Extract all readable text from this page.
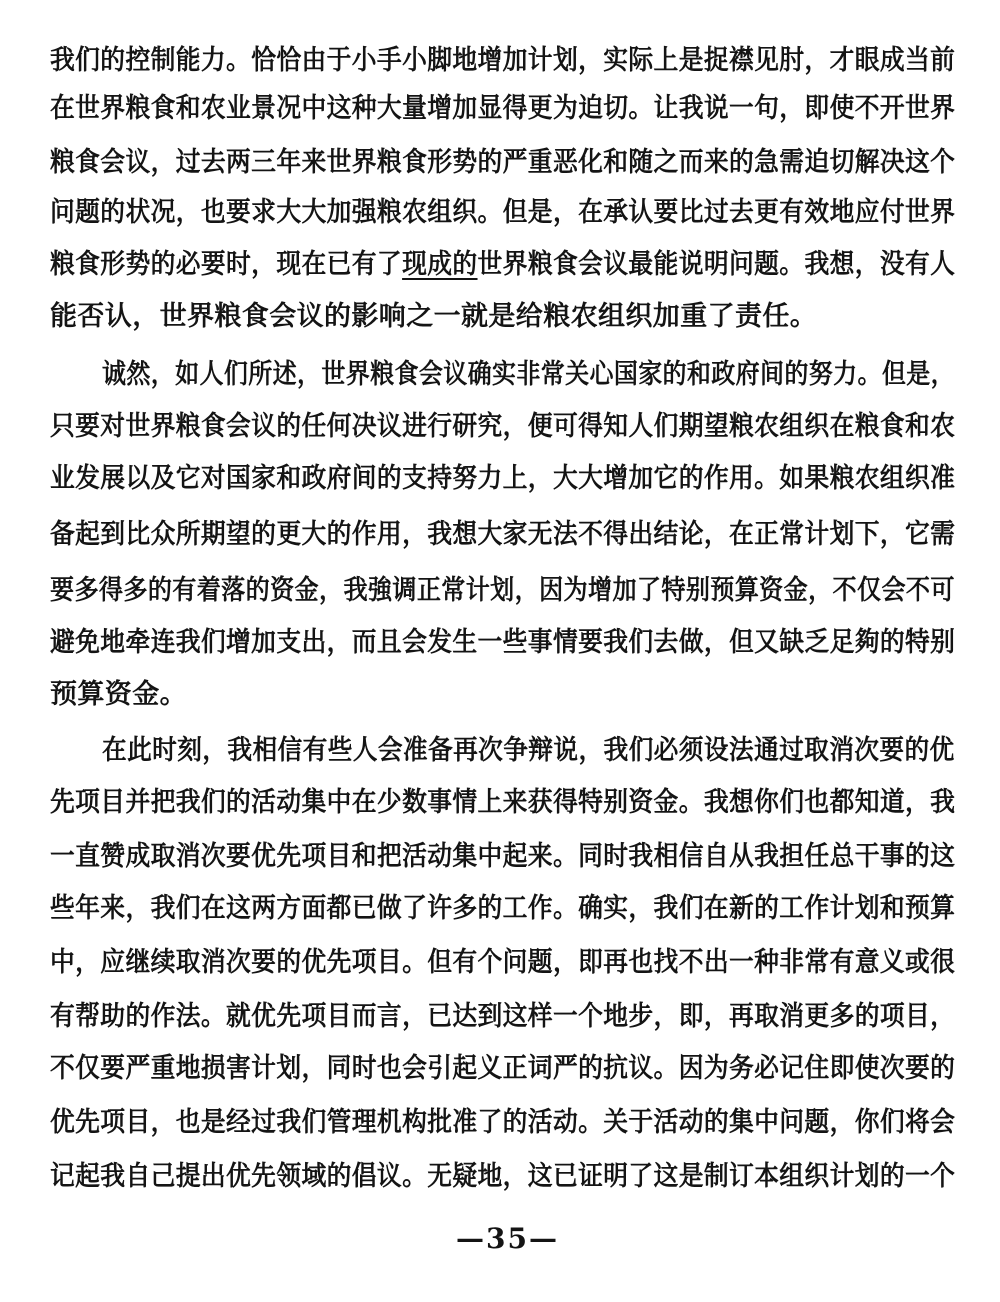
我们的控制能力。恰恰由于小手小脚地增加计划，实际上是捉襟见肘，才眼成当前
在世界粮食和农业景况中这种大量增加显得更为迫切。让我说一句，即使不开世界
粮食会议，过去两三年来世界粮食形势的严重恶化和随之而来的急需迫切解决这个
问题的状况，也要求大大加强粮农组织。但是，在承认要比过去更有效地应付世界
粮食形势的必要时，现在已有了现成的世界粮食会议最能说明问题。我想，没有人
能否认，世界粮食会议的影响之一就是给粮农组织加重了责任。
诚然，如人们所述，世界粮食会议确实非常关心国家的和政府间的努力。但是，
只要对世界粮食会议的任何决议进行研究，便可得知人们期望粮农组织在粮食和农
业发展以及它对国家和政府间的支持努力上，大大增加它的作用。如果粮农组织准
备起到比众所期望的更大的作用，我想大家无法不得出结论，在正常计划下，它需
要多得多的有着落的资金，我強调正常计划，因为增加了特别预算资金，不仅会不可
避免地牵连我们增加支出，而且会发生一些事情要我们去做，但又缺乏足夠的特别
预算资金。
在此时刻，我相信有些人会准备再次争辩说，我们必须设法通过取消次要的优
先项目并把我们的活动集中在少数事情上来获得特别资金。我想你们也都知道，我
一直赞成取消次要优先项目和把活动集中起来。同时我相信自从我担任总干事的这
些年来，我们在这两方面都已做了许多的工作。确实，我们在新的工作计划和预算
中，应继续取消次要的优先项目。但有个问题，即再也找不出一种非常有意义或很
有帮助的作法。就优先项目而言，已达到这样一个地步，即，再取消更多的项目，
不仅要严重地损害计划，同时也会引起义正词严的抗议。因为务必记住即使次要的
优先项目，也是经过我们管理机构批准了的活动。关于活动的集中问题，你们将会
记起我自己提出优先领域的倡议。无疑地，这已证明了这是制订本组织计划的一个
—35—
